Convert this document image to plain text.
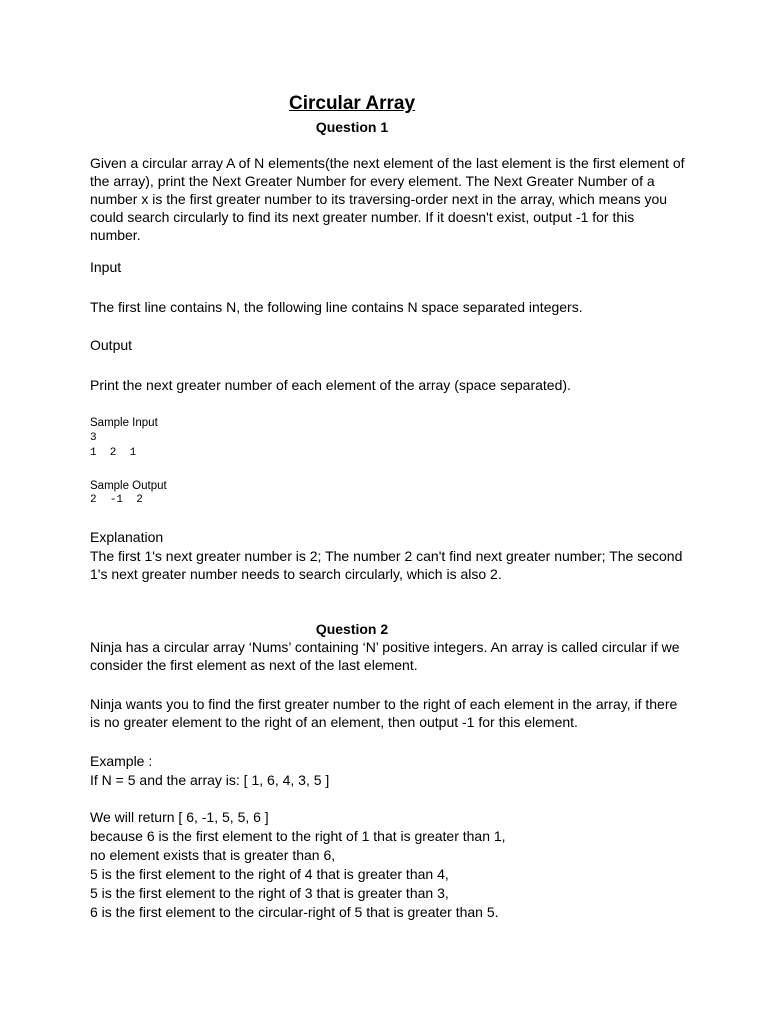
Circular Array
Question 1

Given a circular array A of N elements(the next element of the last element is the first element of the array), print the Next Greater Number for every element. The Next Greater Number of a number x is the first greater number to its traversing-order next in the array, which means you could search circularly to find its next greater number. If it doesn't exist, output -1 for this number.

Input

The first line contains N, the following line contains N space separated integers.

Output

Print the next greater number of each element of the array (space separated).

Sample Input

3

1  2  1

Sample Output

2  -1  2

Explanation

The first 1's next greater number is 2; The number 2 can't find next greater number; The second 1's next greater number needs to search circularly, which is also 2.

Question 2

Ninja has a circular array ‘Nums’ containing ‘N’ positive integers. An array is called circular if we consider the first element as next of the last element.

Ninja wants you to find the first greater number to the right of each element in the array, if there is no greater element to the right of an element, then output -1 for this element.

Example :

If N = 5 and the array is: [ 1, 6, 4, 3, 5 ]

We will return [ 6, -1, 5, 5, 6 ]

because 6 is the first element to the right of 1 that is greater than 1,

no element exists that is greater than 6,

5 is the first element to the right of 4 that is greater than 4,

5 is the first element to the right of 3 that is greater than 3,

6 is the first element to the circular-right of 5 that is greater than 5.
